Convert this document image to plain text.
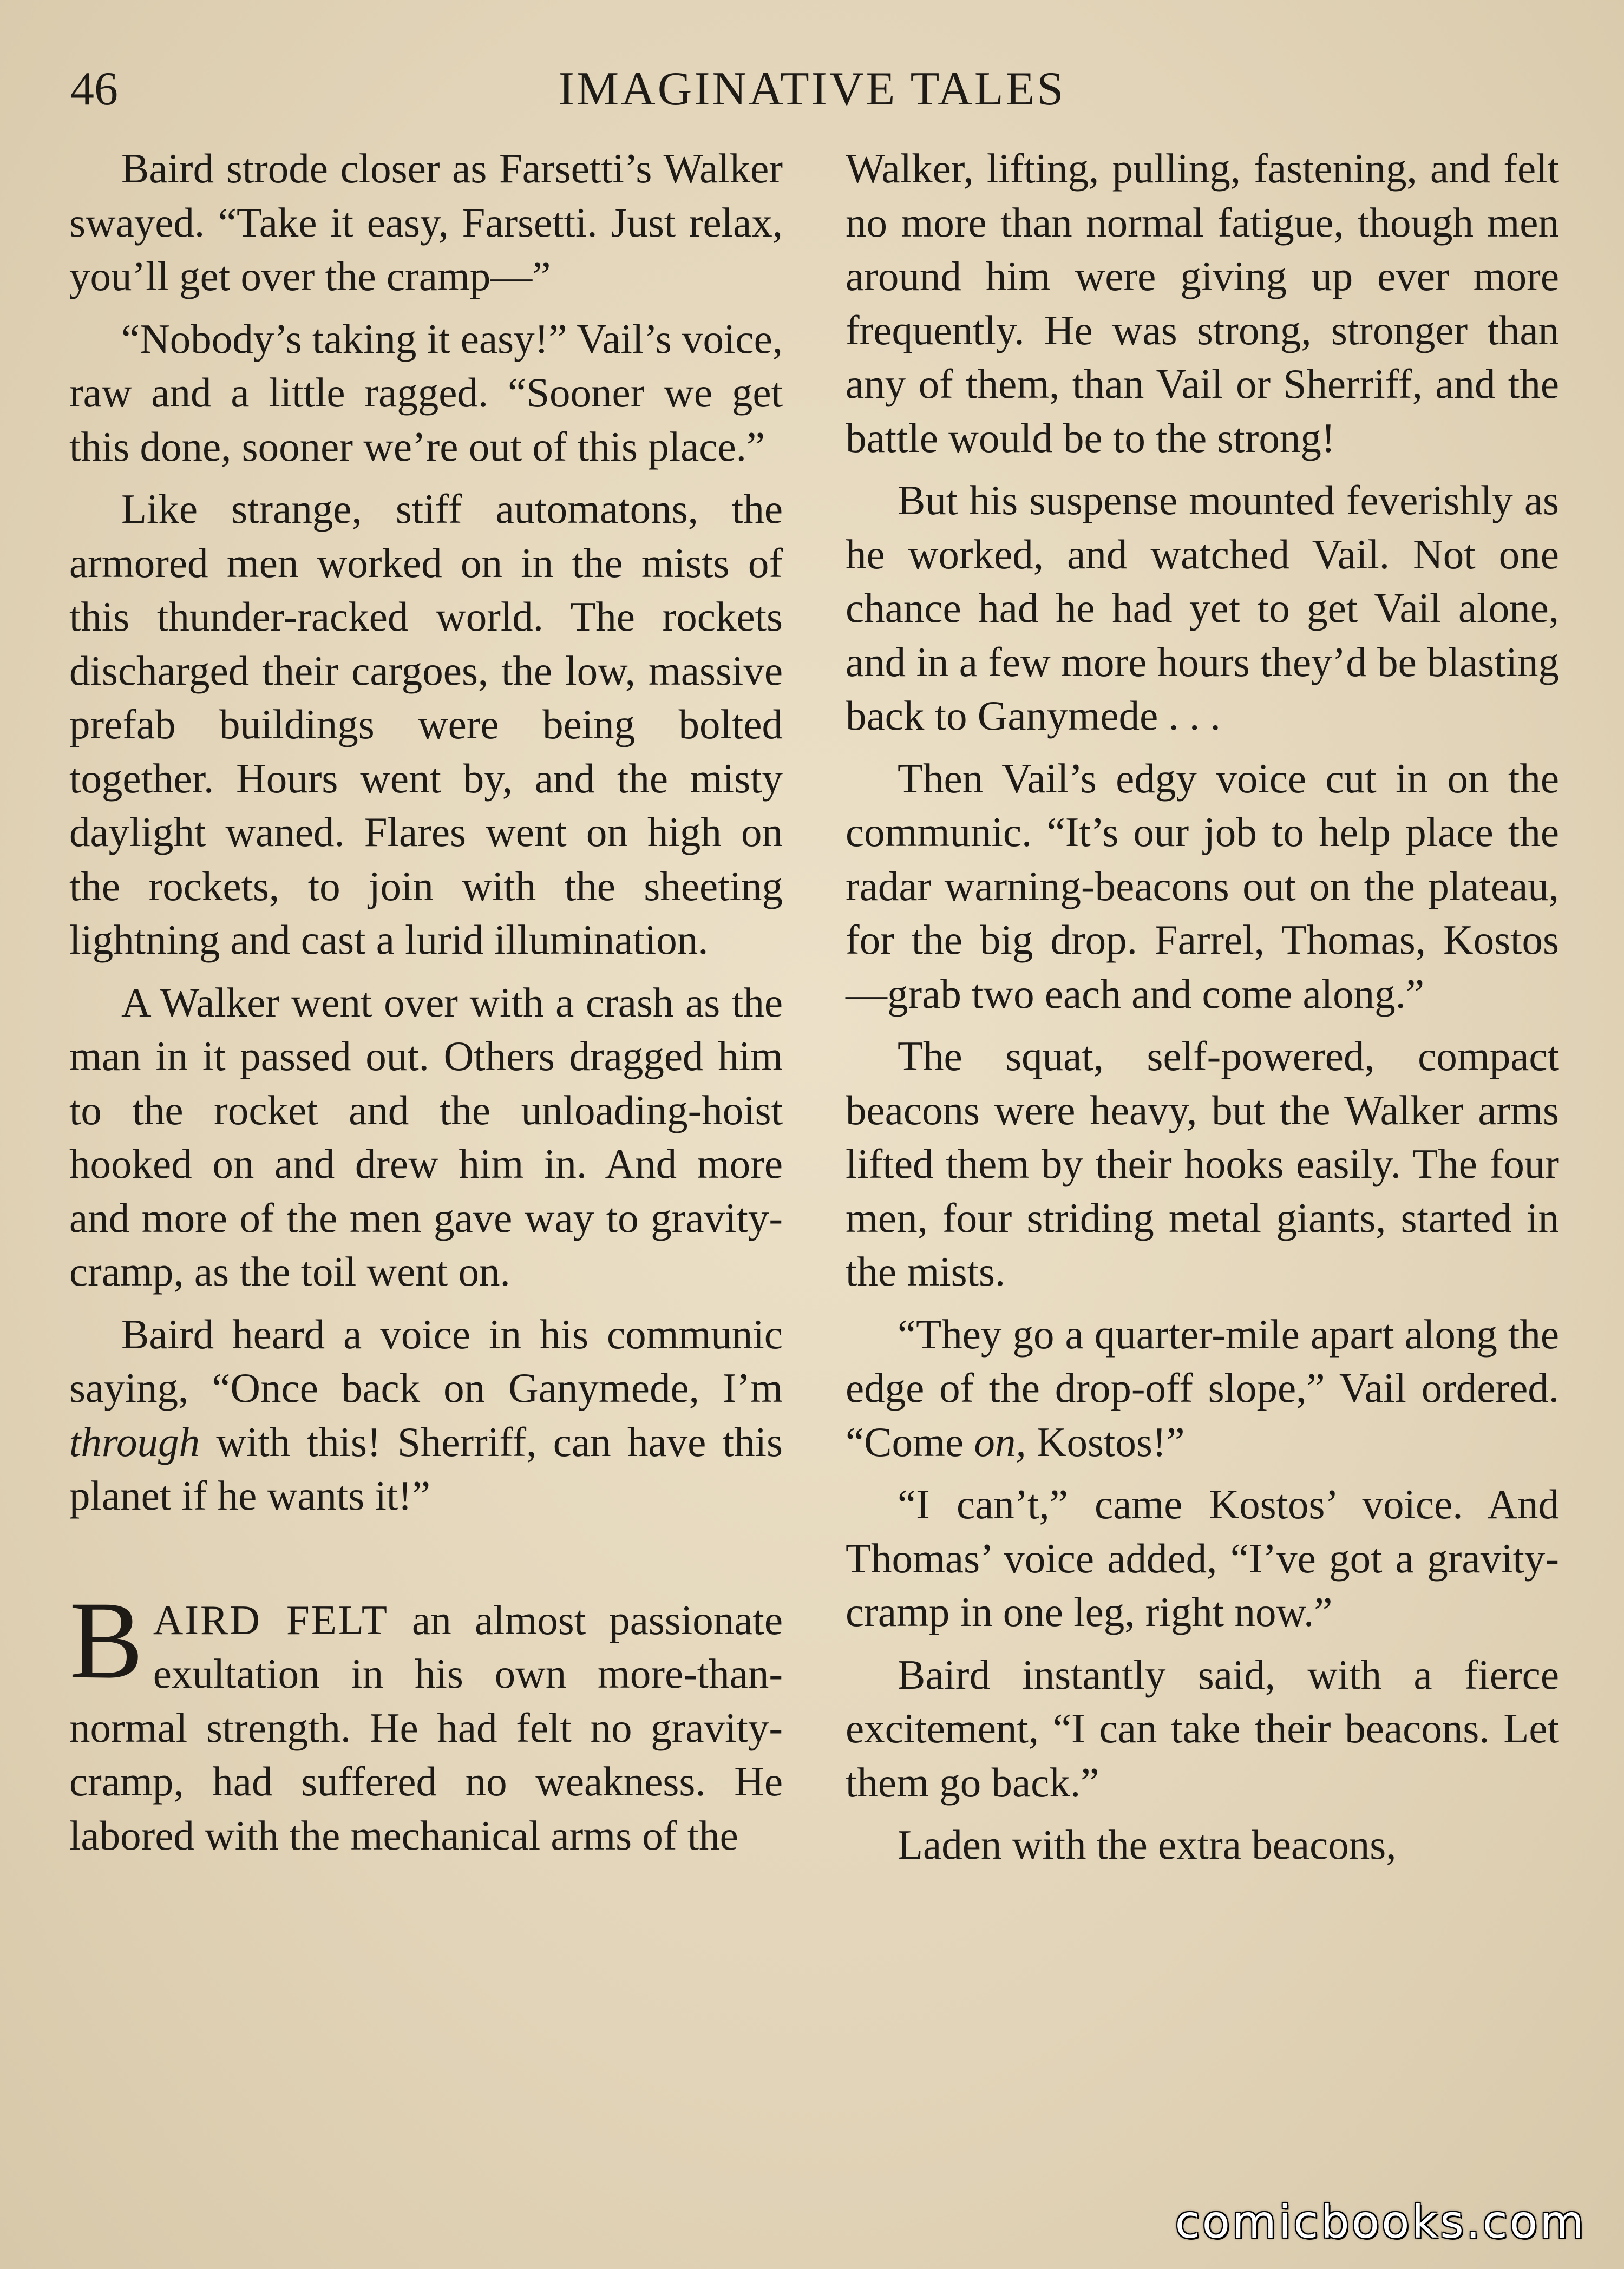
46	IMAGINATIVE TALES

Baird strode closer as Farsetti’s Walker swayed. “Take it easy, Farsetti. Just relax, you’ll get over the cramp—”

“Nobody’s taking it easy!” Vail’s voice, raw and a little ragged. “Sooner we get this done, sooner we’re out of this place.”

Like strange, stiff automatons, the armored men worked on in the mists of this thunder-racked world. The rockets discharged their cargoes, the low, massive prefab buildings were being bolted together. Hours went by, and the misty daylight waned. Flares went on high on the rockets, to join with the sheeting lightning and cast a lurid illumination.

A Walker went over with a crash as the man in it passed out. Others dragged him to the rocket and the unloading-hoist hooked on and drew him in. And more and more of the men gave way to gravity-cramp, as the toil went on.

Baird heard a voice in his communic saying, “Once back on Ganymede, I’m through with this! Sherriff, can have this planet if he wants it!”

BAIRD FELT an almost passionate exultation in his own more-than-normal strength. He had felt no gravity-cramp, had suffered no weakness. He labored with the mechanical arms of the

Walker, lifting, pulling, fastening, and felt no more than normal fatigue, though men around him were giving up ever more frequently. He was strong, stronger than any of them, than Vail or Sherriff, and the battle would be to the strong!

But his suspense mounted feverishly as he worked, and watched Vail. Not one chance had he had yet to get Vail alone, and in a few more hours they’d be blasting back to Ganymede . . .

Then Vail’s edgy voice cut in on the communic. “It’s our job to help place the radar warning-beacons out on the plateau, for the big drop. Farrel, Thomas, Kostos —grab two each and come along.”

The squat, self-powered, compact beacons were heavy, but the Walker arms lifted them by their hooks easily. The four men, four striding metal giants, started in the mists.

“They go a quarter-mile apart along the edge of the drop-off slope,” Vail ordered. “Come on, Kostos!”

“I can’t,” came Kostos’ voice. And Thomas’ voice added, “I’ve got a gravity-cramp in one leg, right now.”

Baird instantly said, with a fierce excitement, “I can take their beacons. Let them go back.”

Laden with the extra beacons,

comicbooks.com
